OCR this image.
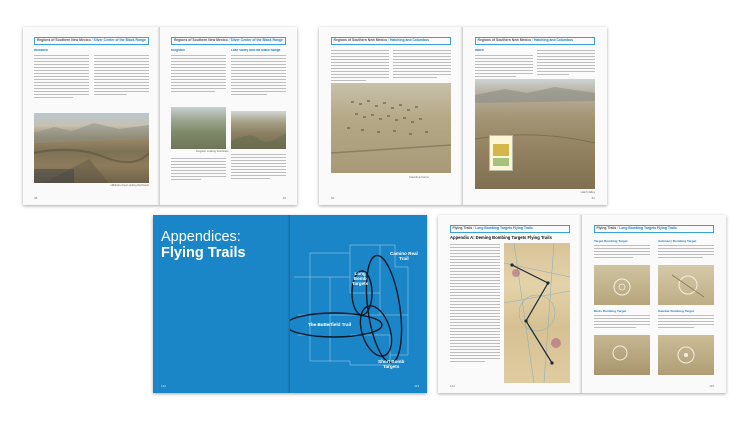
Regions of Southern New Mexico / Silver Center of the Black Range
Hillsboro
Hillsboro Area Looking Northwest
48
Regions of Southern New Mexico / Silver Center of the Black Range
Kingston	Lake Valley and the Black Range
Kingston Looking Southeast
49
Regions of Southern New Mexico / Hatching and Columbus
Columbus Farms
50
Regions of Southern New Mexico / Hatching and Columbus
Hatch
Hatch Valley
51
Appendices:
Flying Trails
112
Camino Real
Trail
Long
Bomb
Targets
The Butterfield Trail
Short Bomb
Targets
113
Flying Trails / Long Bombing Targets Flying Trails
Appendix A: Deming Bombing Targets Flying Trails
114
Flying Trails / Long Bombing Targets Flying Trails
Target Bombing Target	Antimacy Bombing Target
Birds Bombing Target	Gatebar Bombing Target
115
